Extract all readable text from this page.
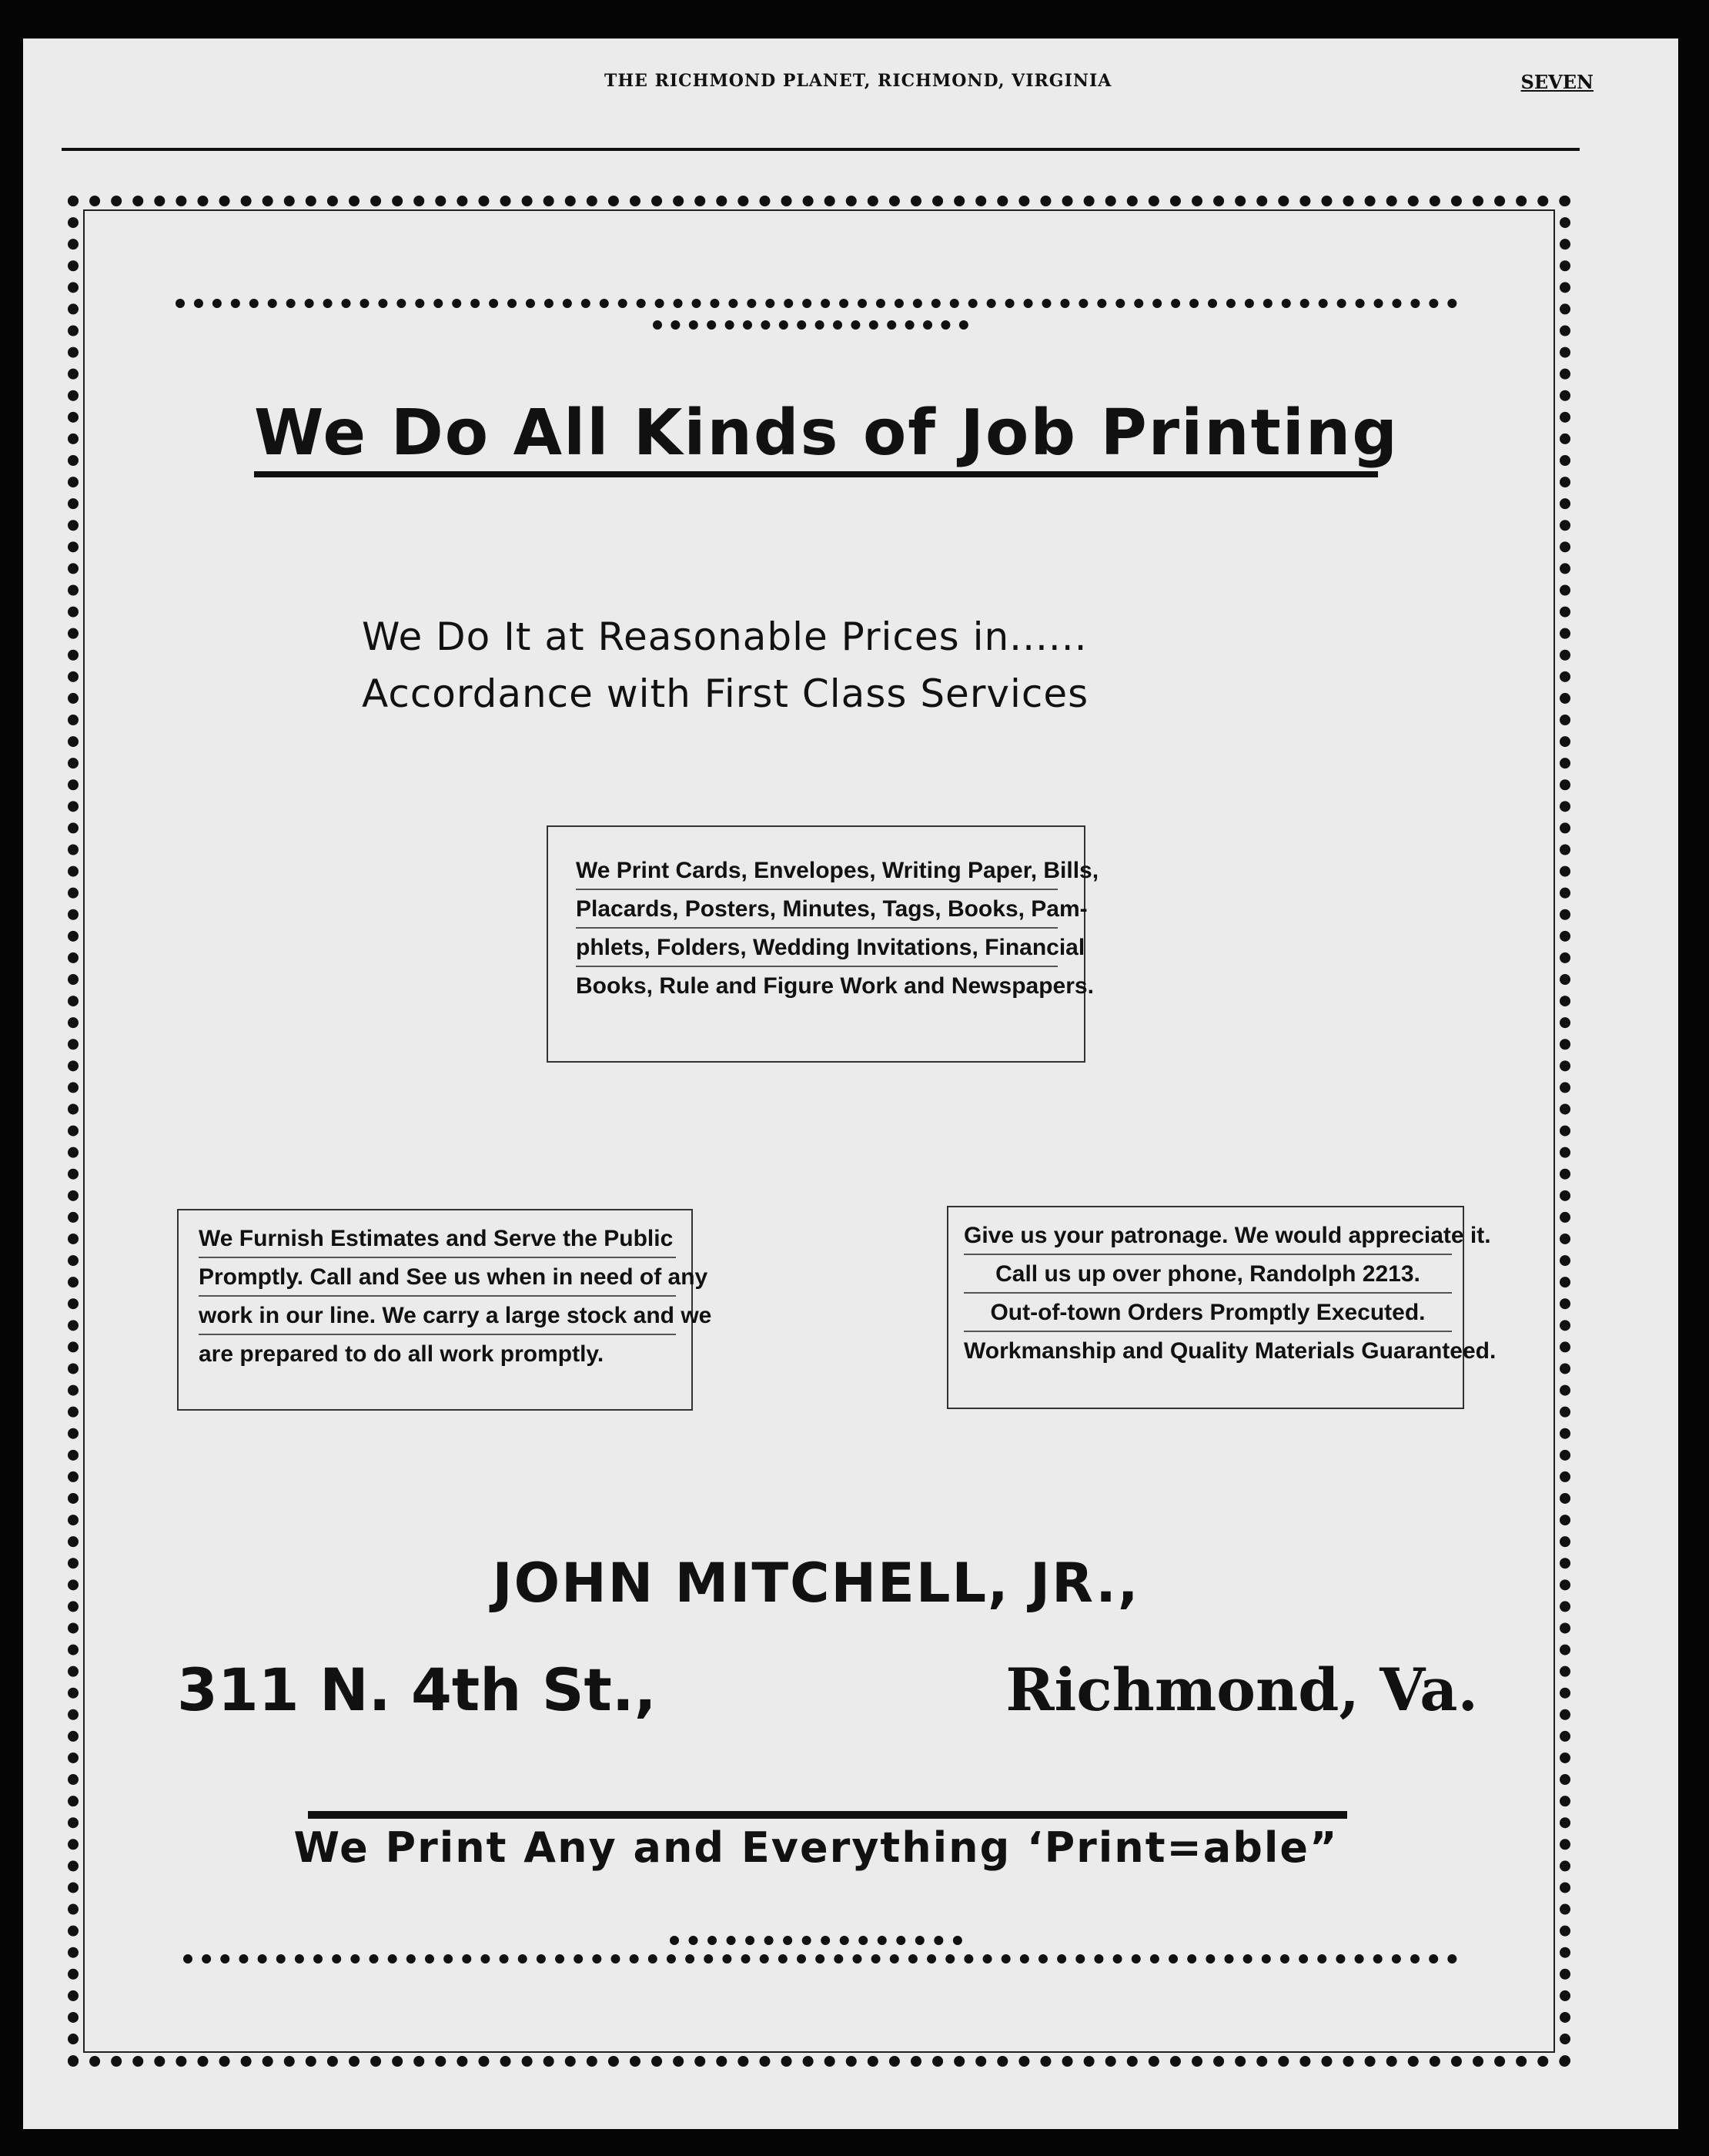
THE RICHMOND PLANET, RICHMOND, VIRGINIA	SEVEN
We Do All Kinds of Job Printing
We Do It at Reasonable Prices in......
Accordance with First Class Services
We Print Cards, Envelopes, Writing Paper, Bills,
Placards, Posters, Minutes, Tags, Books, Pam-
phlets, Folders, Wedding Invitations, Financial
Books, Rule and Figure Work and Newspapers.
We Furnish Estimates and Serve the Public
Promptly. Call and See us when in need of any
work in our line. We carry a large stock and we
are prepared to do all work promptly.
Give us your patronage. We would appreciate it.
Call us up over phone, Randolph 2213.
Out-of-town Orders Promptly Executed.
Workmanship and Quality Materials Guaranteed.
JOHN MITCHELL, JR.,
311 N. 4th St.,	Richmond, Va.
We Print Any and Everything ‘Print=able”
